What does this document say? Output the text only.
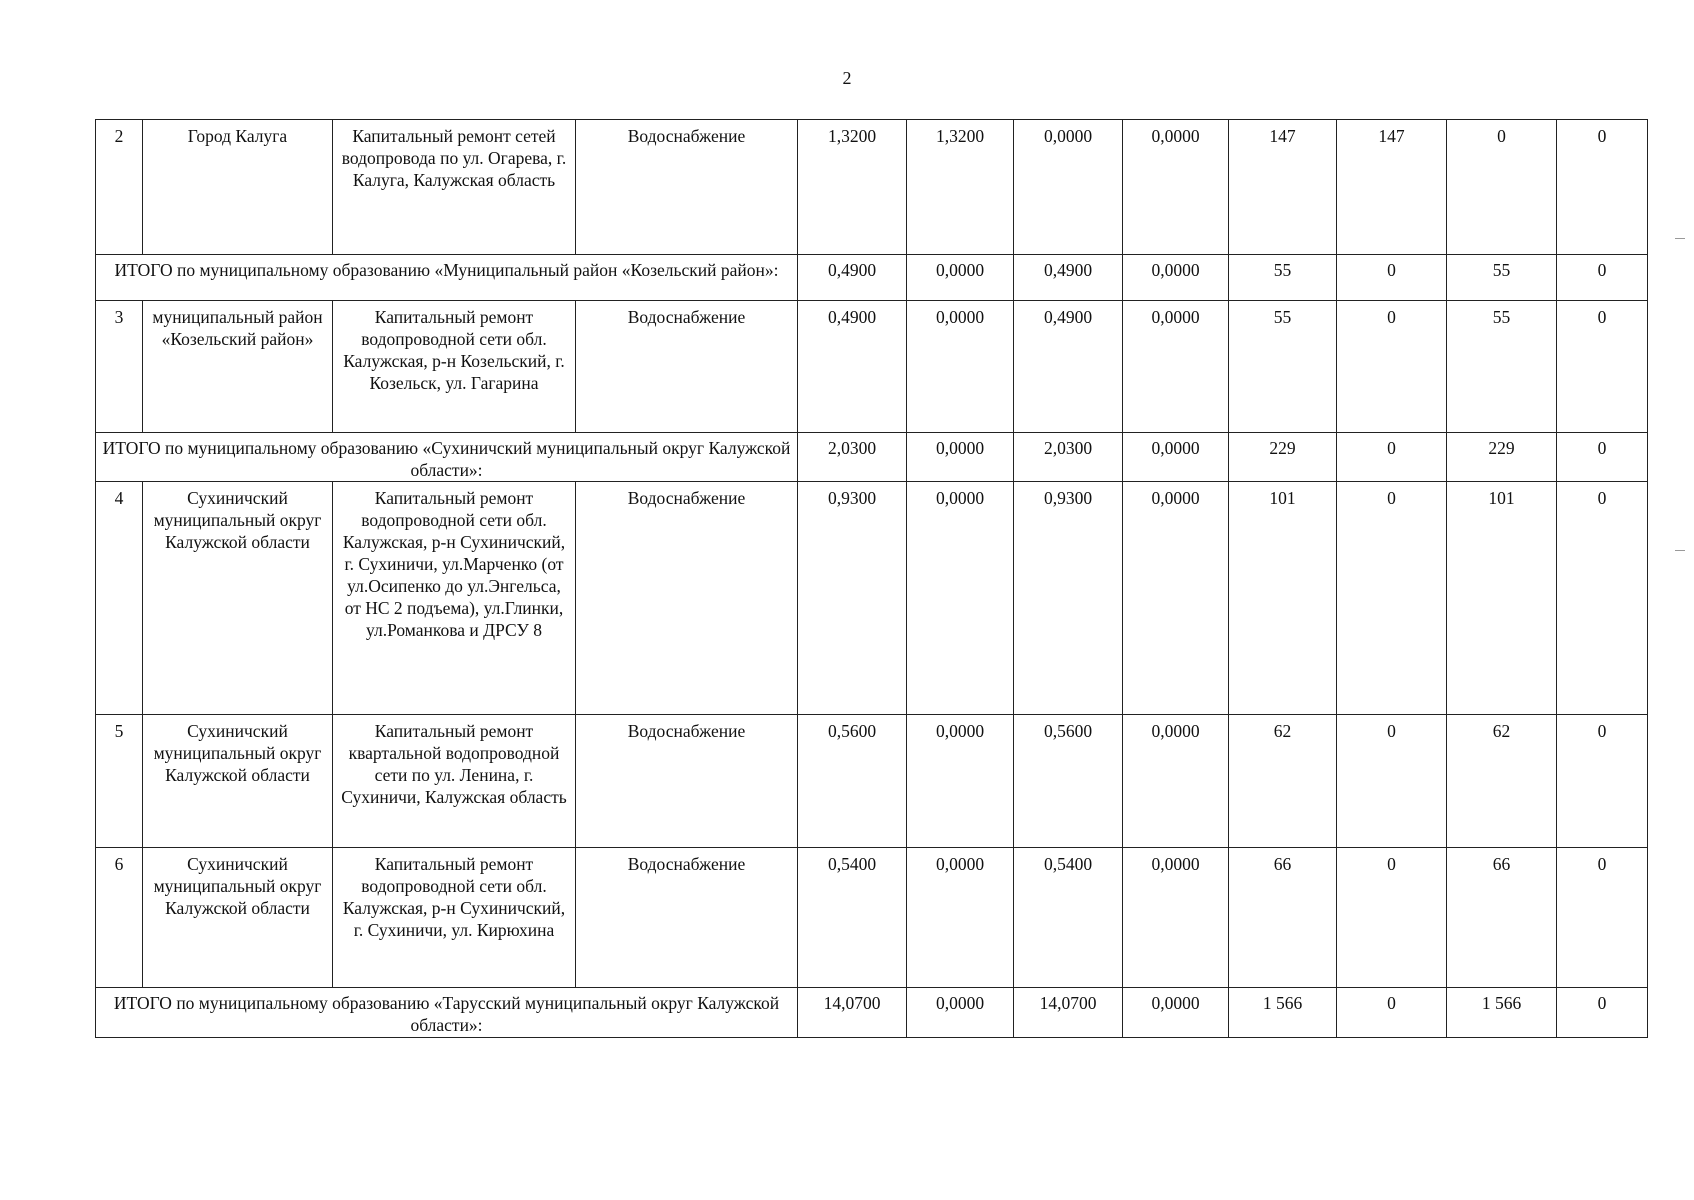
2
2	Город Калуга	Капитальный ремонт сетей водопровода по ул. Огарева, г. Калуга, Калужская область	Водоснабжение	1,3200	1,3200	0,0000	0,0000	147	147	0	0
ИТОГО по муниципальному образованию «Муниципальный район «Козельский район»:				0,4900	0,0000	0,4900	0,0000	55	0	55	0
3	муниципальный район «Козельский район»	Капитальный ремонт водопроводной сети обл. Калужская, р-н Козельский, г. Козельск, ул. Гагарина	Водоснабжение	0,4900	0,0000	0,4900	0,0000	55	0	55	0
ИТОГО по муниципальному образованию «Сухиничский муниципальный округ Калужской области»:				2,0300	0,0000	2,0300	0,0000	229	0	229	0
4	Сухиничский муниципальный округ Калужской области	Капитальный ремонт водопроводной сети обл. Калужская, р-н Сухиничский, г. Сухиничи, ул.Марченко (от ул.Осипенко до ул.Энгельса, от НС 2 подъема), ул.Глинки, ул.Романкова и ДРСУ 8	Водоснабжение	0,9300	0,0000	0,9300	0,0000	101	0	101	0
5	Сухиничский муниципальный округ Калужской области	Капитальный ремонт квартальной водопроводной сети по ул. Ленина, г. Сухиничи, Калужская область	Водоснабжение	0,5600	0,0000	0,5600	0,0000	62	0	62	0
6	Сухиничский муниципальный округ Калужской области	Капитальный ремонт водопроводной сети обл. Калужская, р-н Сухиничский, г. Сухиничи, ул. Кирюхина	Водоснабжение	0,5400	0,0000	0,5400	0,0000	66	0	66	0
ИТОГО по муниципальному образованию «Тарусский муниципальный округ Калужской области»:				14,0700	0,0000	14,0700	0,0000	1 566	0	1 566	0
